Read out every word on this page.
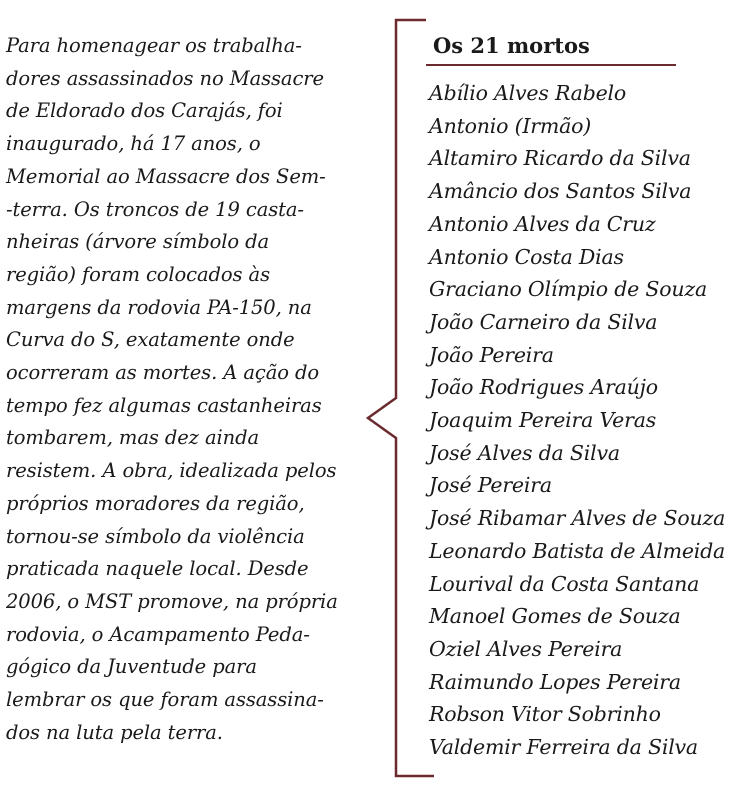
Para homenagear os trabalha-
dores assassinados no Massacre
de Eldorado dos Carajás, foi
inaugurado, há 17 anos, o
Memorial ao Massacre dos Sem-
-terra. Os troncos de 19 casta-
nheiras (árvore símbolo da
região) foram colocados às
margens da rodovia PA-150, na
Curva do S, exatamente onde
ocorreram as mortes. A ação do
tempo fez algumas castanheiras
tombarem, mas dez ainda
resistem. A obra, idealizada pelos
próprios moradores da região,
tornou-se símbolo da violência
praticada naquele local. Desde
2006, o MST promove, na própria
rodovia, o Acampamento Peda-
gógico da Juventude para
lembrar os que foram assassina-
dos na luta pela terra.
Os 21 mortos
Abílio Alves Rabelo
Antonio (Irmão)
Altamiro Ricardo da Silva
Amâncio dos Santos Silva
Antonio Alves da Cruz
Antonio Costa Dias
Graciano Olímpio de Souza
João Carneiro da Silva
João Pereira
João Rodrigues Araújo
Joaquim Pereira Veras
José Alves da Silva
José Pereira
José Ribamar Alves de Souza
Leonardo Batista de Almeida
Lourival da Costa Santana
Manoel Gomes de Souza
Oziel Alves Pereira
Raimundo Lopes Pereira
Robson Vitor Sobrinho
Valdemir Ferreira da Silva
